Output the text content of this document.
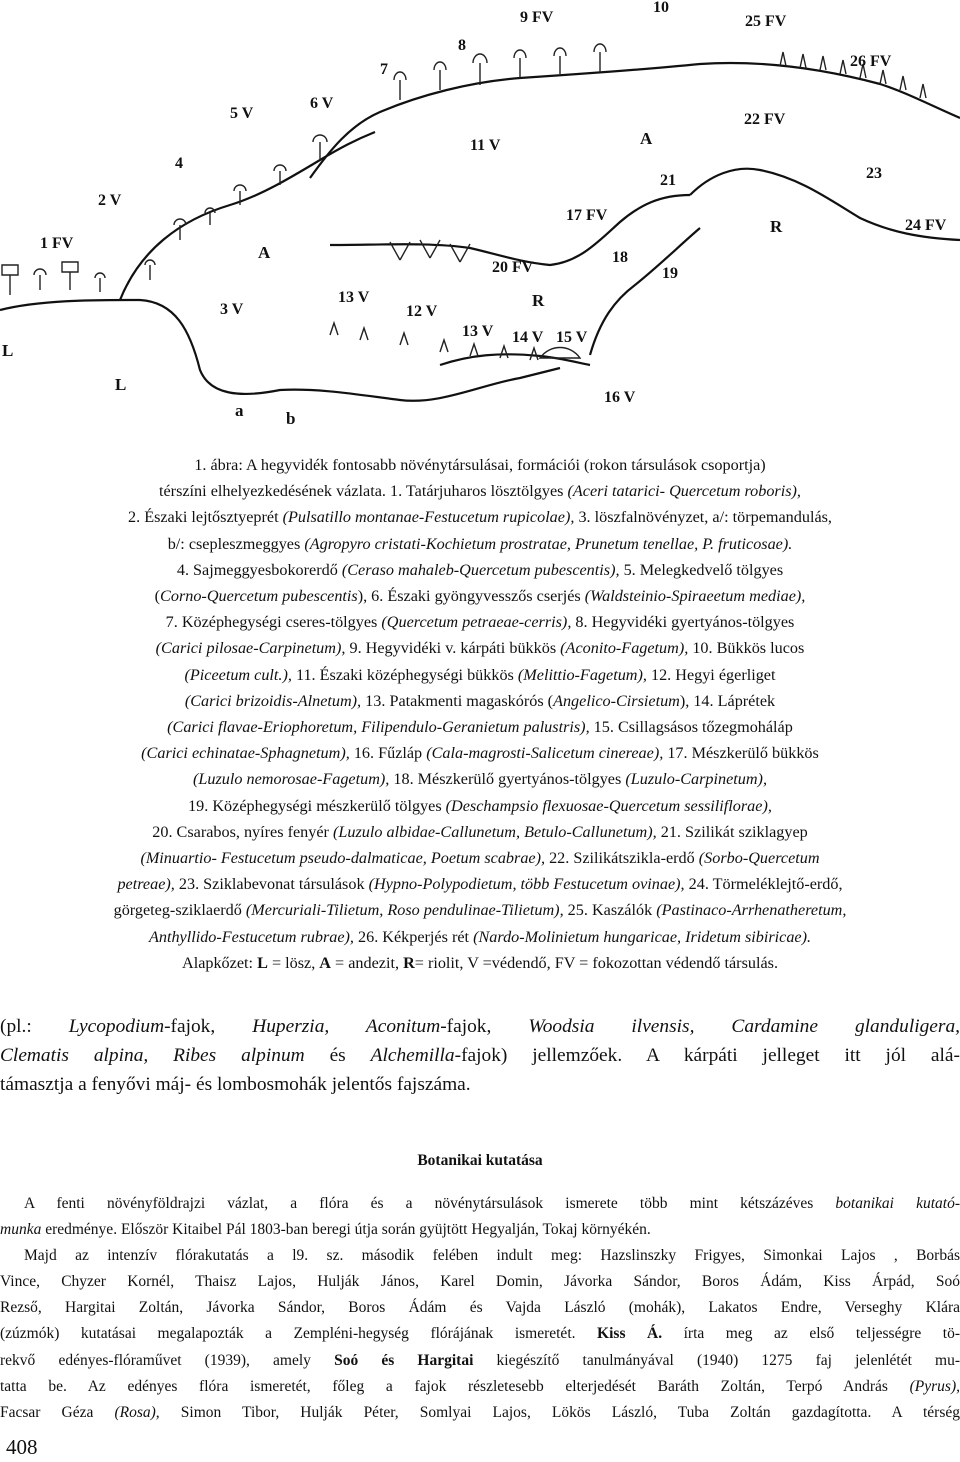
1 FV
2 V
3 V
4
5 V
6 V
7
8
9 FV
10
11 V
12 V
13 V
13 V 14 V 15 V
16 V
17 FV
18
19
20 FV
21
22 FV
23
24 FV
25 FV
26 FV
L
L
A
A
R
R
a	b
1. ábra: A hegyvidék fontosabb növénytársulásai, formációi (rokon társulások csoportja)
térszíni elhelyezkedésének vázlata. 1. Tatárjuharos lösztölgyes (Aceri tatarici- Quercetum roboris),
2. Északi lejtősztyeprét (Pulsatillo montanae-Festucetum rupicolae), 3. löszfalnövényzet, a/: törpemandulás,
b/: csepleszmeggyes (Agropyro cristati-Kochietum prostratae, Prunetum tenellae, P. fruticosae).
4. Sajmeggyesbokorerdő (Ceraso mahaleb-Quercetum pubescentis), 5. Melegkedvelő tölgyes
(Corno-Quercetum pubescentis), 6. Északi gyöngyvesszős cserjés (Waldsteinio-Spiraeetum mediae),
7. Középhegységi cseres-tölgyes (Quercetum petraeae-cerris), 8. Hegyvidéki gyertyános-tölgyes
(Carici pilosae-Carpinetum), 9. Hegyvidéki v. kárpáti bükkös (Aconito-Fagetum), 10. Bükkös lucos
(Piceetum cult.), 11. Északi középhegységi bükkös (Melittio-Fagetum), 12. Hegyi égerliget
(Carici brizoidis-Alnetum), 13. Patakmenti magaskórós (Angelico-Cirsietum), 14. Láprétek
(Carici flavae-Eriophoretum, Filipendulo-Geranietum palustris), 15. Csillagsásos tőzegmoháláp
(Carici echinatae-Sphagnetum), 16. Fűzláp (Cala-magrosti-Salicetum cinereae), 17. Mészkerülő bükkös
(Luzulo nemorosae-Fagetum), 18. Mészkerülő gyertyános-tölgyes (Luzulo-Carpinetum),
19. Középhegységi mészkerülő tölgyes (Deschampsio flexuosae-Quercetum sessiliflorae),
20. Csarabos, nyíres fenyér (Luzulo albidae-Callunetum, Betulo-Callunetum), 21. Szilikát sziklagyep
(Minuartio- Festucetum pseudo-dalmaticae, Poetum scabrae), 22. Szilikátszikla-erdő (Sorbo-Quercetum
petreae), 23. Sziklabevonat társulások (Hypno-Polypodietum, több Festucetum ovinae), 24. Törmeléklejtő-erdő,
görgeteg-sziklaerdő (Mercuriali-Tilietum, Roso pendulinae-Tilietum), 25. Kaszálók (Pastinaco-Arrhenatheretum,
Anthyllido-Festucetum rubrae), 26. Kékperjés rét (Nardo-Molinietum hungaricae, Iridetum sibiricae).
Alapkőzet: L = lösz, A = andezit, R= riolit, V =védendő, FV = fokozottan védendő társulás.
(pl.: Lycopodium-fajok, Huperzia, Aconitum-fajok, Woodsia ilvensis, Cardamine glanduligera,
Clematis alpina, Ribes alpinum és Alchemilla-fajok) jellemzőek. A kárpáti jelleget itt jól alá-
támasztja a fenyővi máj- és lombosmohák jelentős fajszáma.
Botanikai kutatása
A fenti növényföldrajzi vázlat, a flóra és a növénytársulások ismerete több mint kétszázéves botanikai kutató-
munka eredménye. Először Kitaibel Pál 1803-ban beregi útja során gyüjtött Hegyalján, Tokaj környékén.
Majd az intenzív flórakutatás a l9. sz. második felében indult meg: Hazslinszky Frigyes, Simonkai Lajos , Borbás
Vince, Chyzer Kornél, Thaisz Lajos, Hulják János, Karel Domin, Jávorka Sándor, Boros Ádám, Kiss Árpád, Soó
Rezső, Hargitai Zoltán, Jávorka Sándor, Boros Ádám és Vajda László (mohák), Lakatos Endre, Verseghy Klára
(zúzmók) kutatásai megalapozták a Zempléni-hegység flórájának ismeretét. Kiss Á. írta meg az első teljességre tö-
rekvő edényes-flóraművet (1939), amely Soó és Hargitai kiegészítő tanulmányával (1940) 1275 faj jelenlétét mu-
tatta be. Az edényes flóra ismeretét, főleg a fajok részletesebb elterjedését Baráth Zoltán, Terpó András (Pyrus),
Facsar Géza (Rosa), Simon Tibor, Hulják Péter, Somlyai Lajos, Lökös László, Tuba Zoltán gazdagította. A térség
408
